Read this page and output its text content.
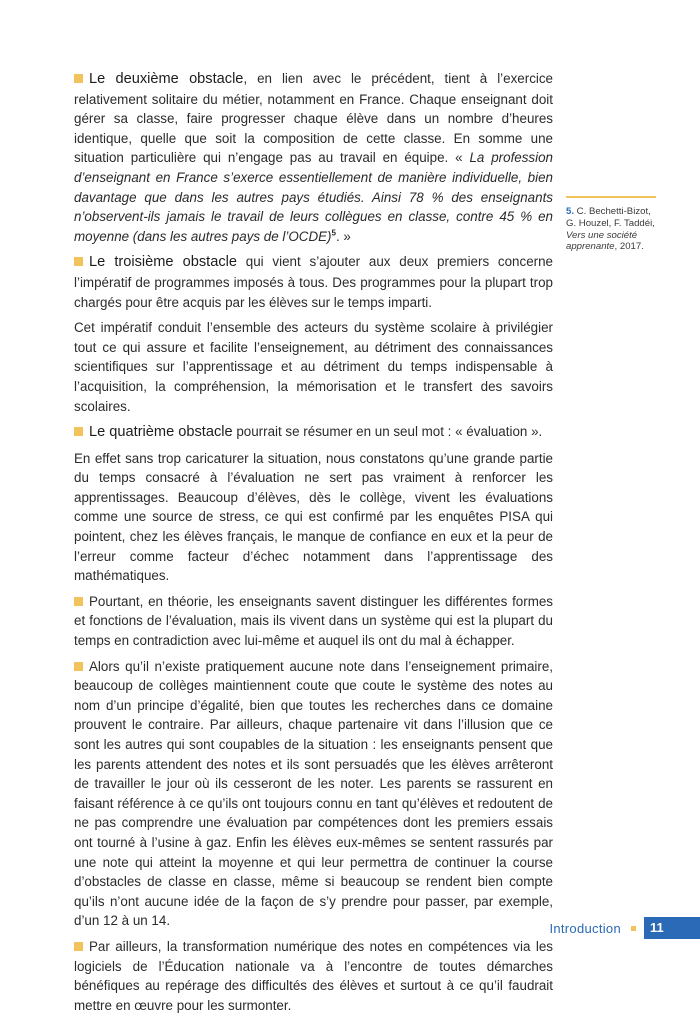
Le deuxième obstacle, en lien avec le précédent, tient à l’exercice relativement solitaire du métier, notamment en France. Chaque enseignant doit gérer sa classe, faire progresser chaque élève dans un nombre d’heures identique, quelle que soit la composition de cette classe. En somme une situation particulière qui n’engage pas au travail en équipe. « La profession d’enseignant en France s’exerce essentiellement de manière individuelle, bien davantage que dans les autres pays étudiés. Ainsi 78 % des enseignants n’observent-ils jamais le travail de leurs collègues en classe, contre 45 % en moyenne (dans les autres pays de l’OCDE)$^5$. »

Le troisième obstacle qui vient s’ajouter aux deux premiers concerne l’impératif de programmes imposés à tous. Des programmes pour la plupart trop chargés pour être acquis par les élèves sur le temps imparti.

Cet impératif conduit l’ensemble des acteurs du système scolaire à privilégier tout ce qui assure et facilite l’enseignement, au détriment des connaissances scientifiques sur l’apprentissage et au détriment du temps indispensable à l’acquisition, la compréhension, la mémorisation et le transfert des savoirs scolaires.

Le quatrième obstacle pourrait se résumer en un seul mot : « évaluation ».

En effet sans trop caricaturer la situation, nous constatons qu’une grande partie du temps consacré à l’évaluation ne sert pas vraiment à renforcer les apprentissages. Beaucoup d’élèves, dès le collège, vivent les évaluations comme une source de stress, ce qui est confirmé par les enquêtes PISA qui pointent, chez les élèves français, le manque de confiance en eux et la peur de l’erreur comme facteur d’échec notamment dans l’apprentissage des mathématiques.

Pourtant, en théorie, les enseignants savent distinguer les différentes formes et fonctions de l’évaluation, mais ils vivent dans un système qui est la plupart du temps en contradiction avec lui-même et auquel ils ont du mal à échapper.

Alors qu’il n’existe pratiquement aucune note dans l’enseignement primaire, beaucoup de collèges maintiennent coute que coute le système des notes au nom d’un principe d’égalité, bien que toutes les recherches dans ce domaine prouvent le contraire. Par ailleurs, chaque partenaire vit dans l’illusion que ce sont les autres qui sont coupables de la situation : les enseignants pensent que les parents attendent des notes et ils sont persuadés que les élèves arrêteront de travailler le jour où ils cesseront de les noter. Les parents se rassurent en faisant référence à ce qu’ils ont toujours connu en tant qu’élèves et redoutent de ne pas comprendre une évaluation par compétences dont les premiers essais ont tourné à l’usine à gaz. Enfin les élèves eux-mêmes se sentent rassurés par une note qui atteint la moyenne et qui leur permettra de continuer la course d’obstacles de classe en classe, même si beaucoup se rendent bien compte qu’ils n’ont aucune idée de la façon de s’y prendre pour passer, par exemple, d’un 12 à un 14.

Par ailleurs, la transformation numérique des notes en compétences via les logiciels de l’Éducation nationale va à l’encontre de toutes démarches bénéfiques au repérage des difficultés des élèves et surtout à ce qu’il faudrait mettre en œuvre pour les surmonter.

5. C. Bechetti-Bizot, G. Houzel, F. Taddéi, Vers une société apprenante, 2017.
Introduction	11
